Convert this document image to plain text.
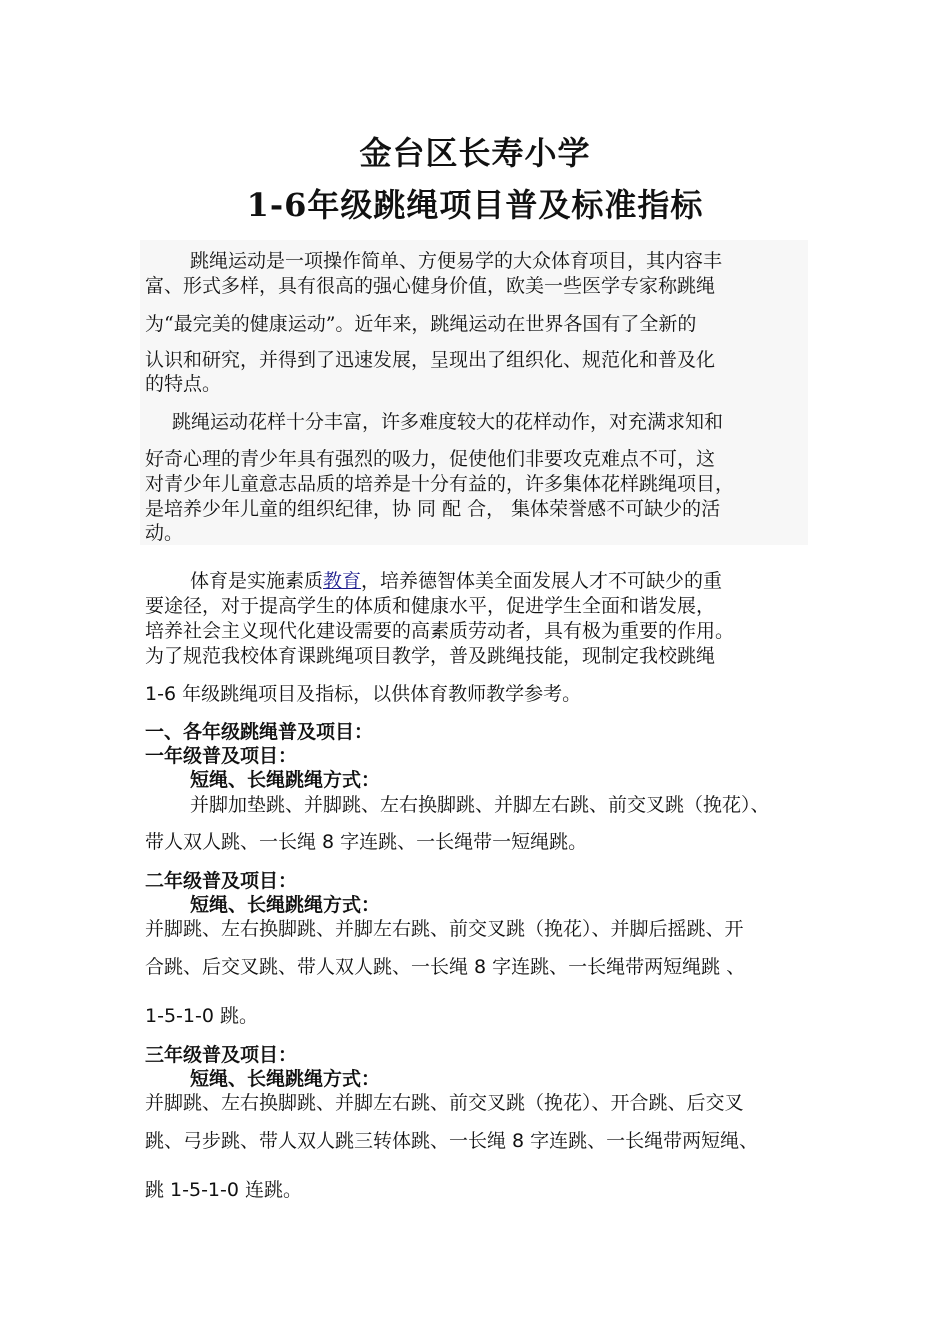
金台区长寿小学
1-6年级跳绳项目普及标准指标
跳绳运动是一项操作简单、方便易学的大众体育项目，其内容丰
富、形式多样，具有很高的强心健身价值，欧美一些医学专家称跳绳
为“最完美的健康运动”。近年来，跳绳运动在世界各国有了全新的
认识和研究，并得到了迅速发展，呈现出了组织化、规范化和普及化
的特点。
跳绳运动花样十分丰富，许多难度较大的花样动作，对充满求知和
好奇心理的青少年具有强烈的吸力，促使他们非要攻克难点不可，这
对青少年儿童意志品质的培养是十分有益的，许多集体花样跳绳项目，
是培养少年儿童的组织纪律，协 同 配 合， 集体荣誉感不可缺少的活
动。
体育是实施素质教育，培养德智体美全面发展人才不可缺少的重
要途径，对于提高学生的体质和健康水平，促进学生全面和谐发展，
培养社会主义现代化建设需要的高素质劳动者，具有极为重要的作用。
为了规范我校体育课跳绳项目教学，普及跳绳技能，现制定我校跳绳
1-6 年级跳绳项目及指标，以供体育教师教学参考。
一、各年级跳绳普及项目：
一年级普及项目：
短绳、长绳跳绳方式：
并脚加垫跳、并脚跳、左右换脚跳、并脚左右跳、前交叉跳（挽花）、
带人双人跳、一长绳 8 字连跳、一长绳带一短绳跳。
二年级普及项目：
短绳、长绳跳绳方式：
并脚跳、左右换脚跳、并脚左右跳、前交叉跳（挽花）、并脚后摇跳、开
合跳、后交叉跳、带人双人跳、一长绳 8 字连跳、一长绳带两短绳跳 、
1-5-1-0 跳。
三年级普及项目：
短绳、长绳跳绳方式：
并脚跳、左右换脚跳、并脚左右跳、前交叉跳（挽花）、开合跳、后交叉
跳、弓步跳、带人双人跳三转体跳、一长绳 8 字连跳、一长绳带两短绳、
跳 1-5-1-0 连跳。
